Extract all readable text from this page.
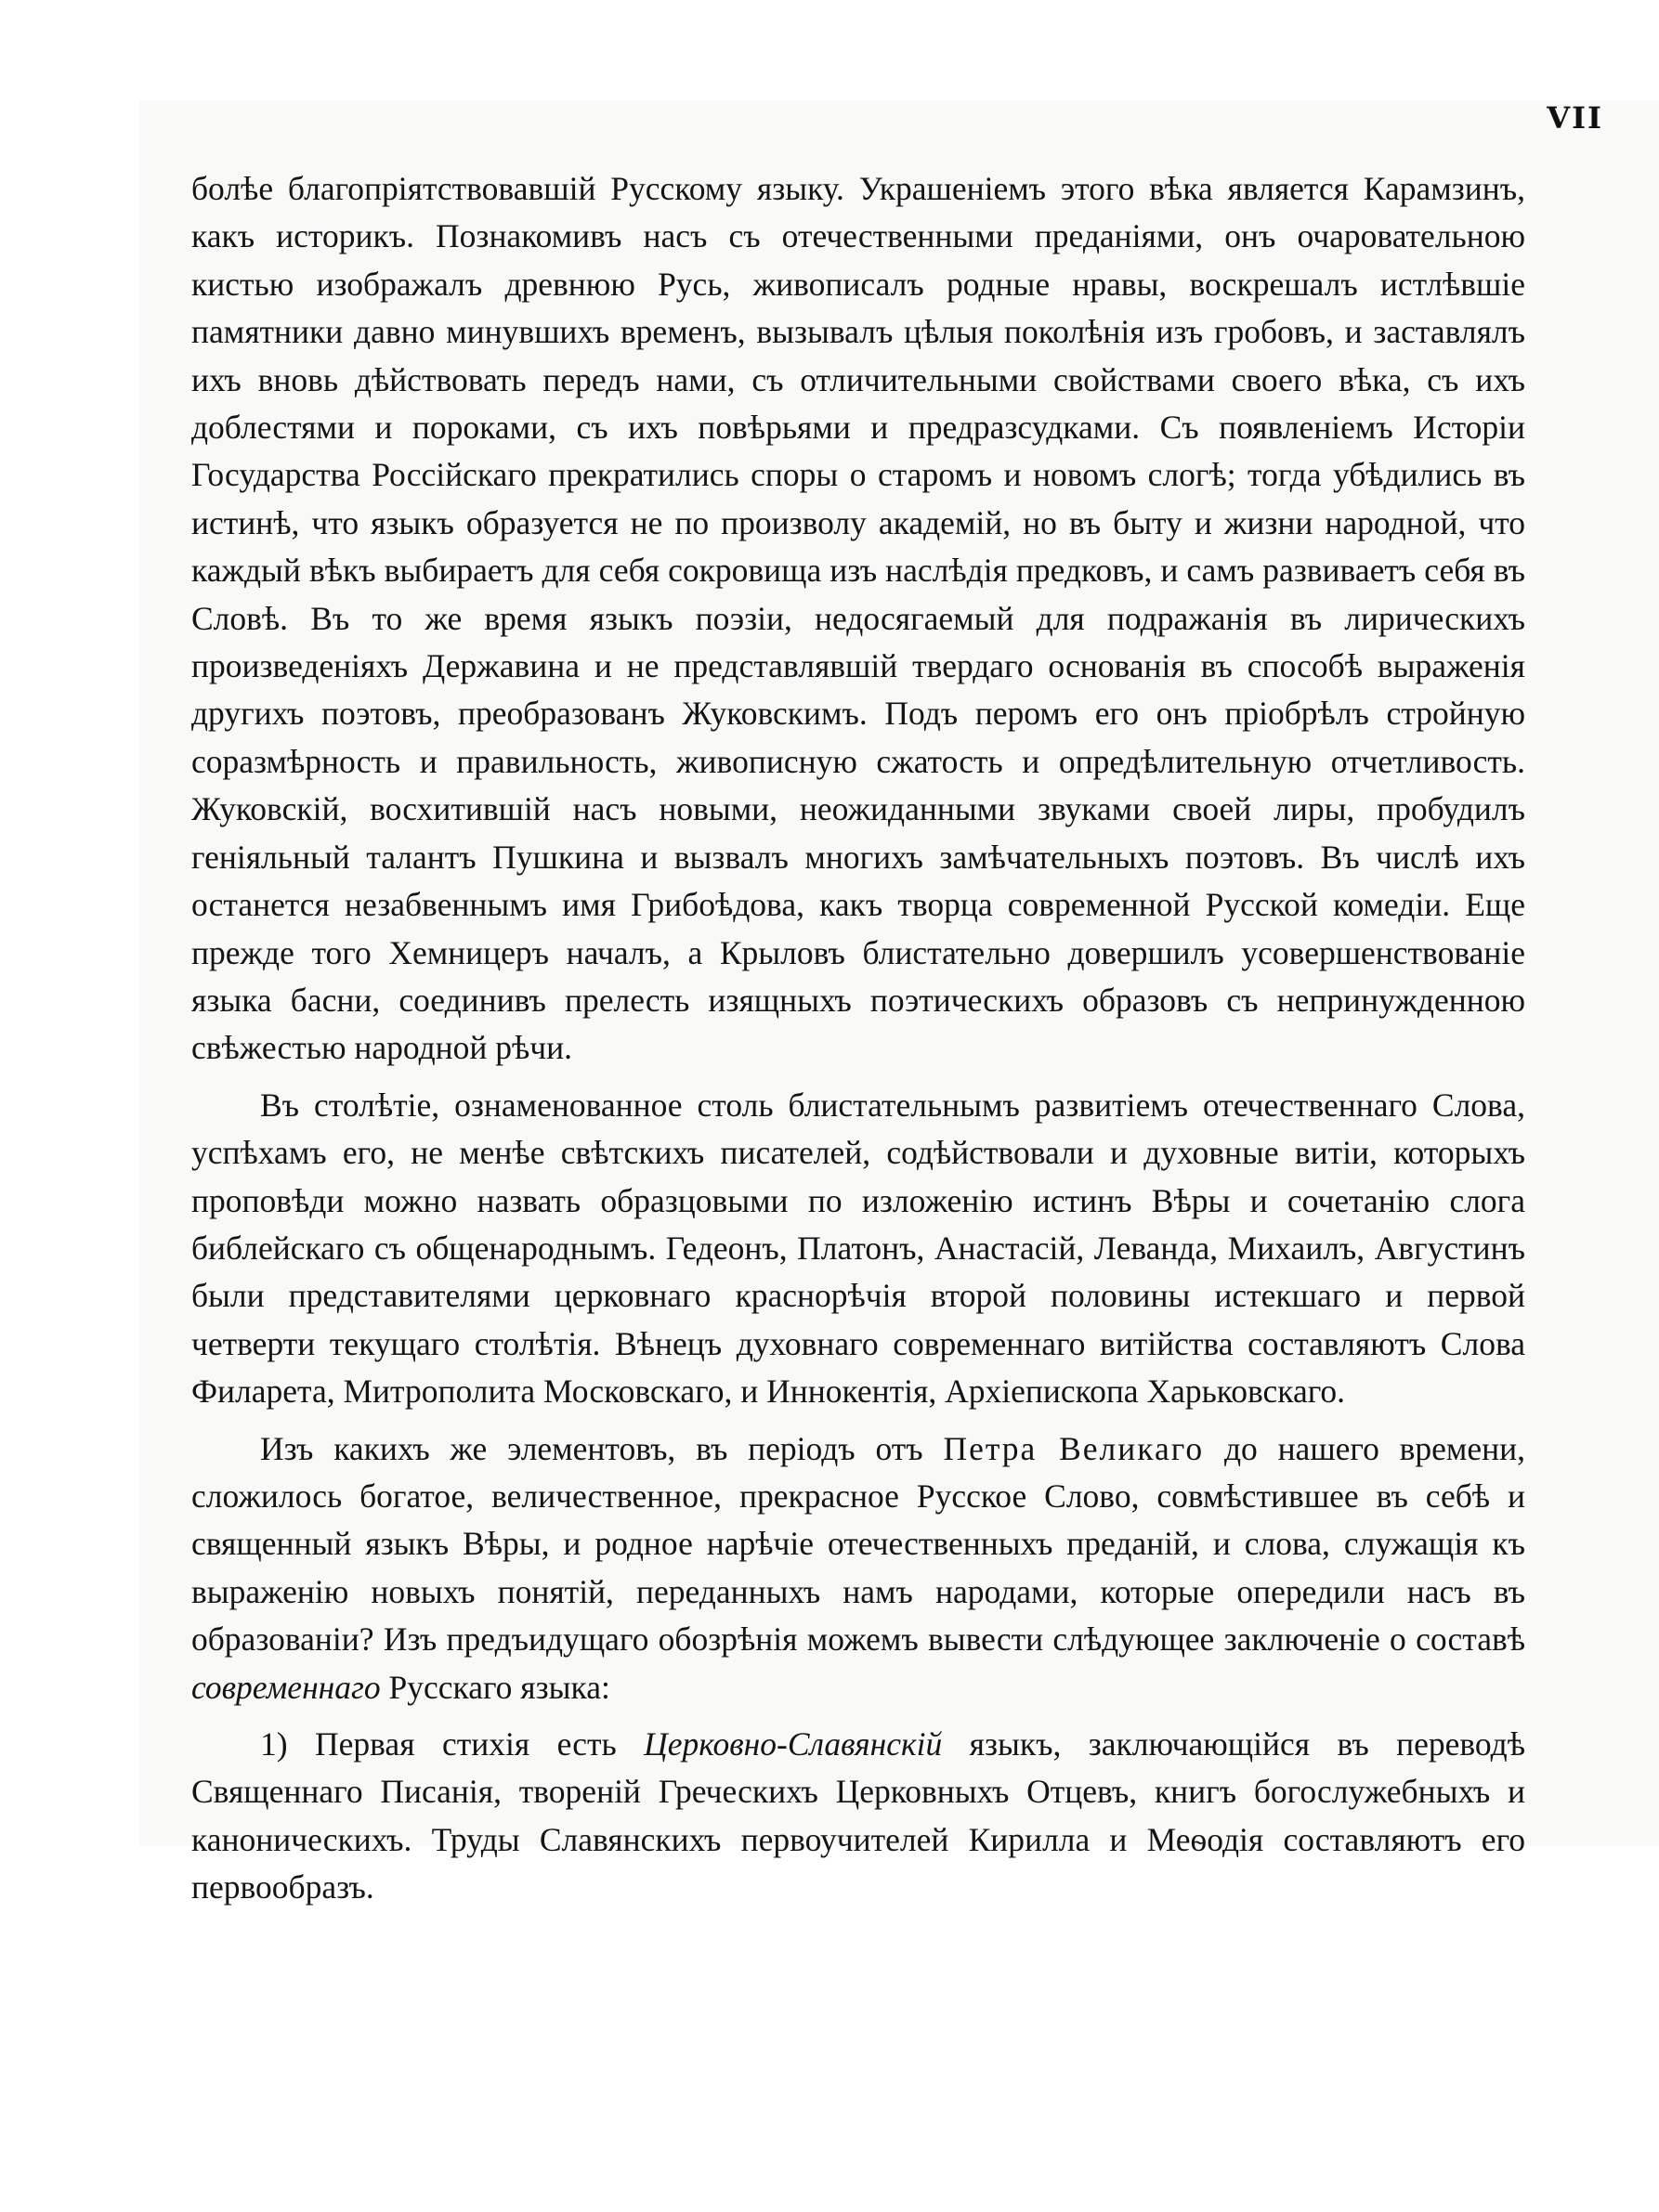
VII

болѣе благопріятствовавшій Русскому языку. Украшеніемъ этого вѣка является Карамзинъ, какъ историкъ. Познакомивъ насъ съ отечественными преданіями, онъ очаровательною кистью изображалъ древнюю Русь, живописалъ родные нравы, воскрешалъ истлѣвшіе памятники давно минувшихъ временъ, вызывалъ цѣлыя поколѣнія изъ гробовъ, и заставлялъ ихъ вновь дѣйствовать передъ нами, съ отличительными свойствами своего вѣка, съ ихъ доблестями и пороками, съ ихъ повѣрьями и предразсудками. Съ появленіемъ Исторіи Государства Россійскаго прекратились споры о старомъ и новомъ слогѣ; тогда убѣдились въ истинѣ, что языкъ образуется не по произволу академій, но въ быту и жизни народной, что каждый вѣкъ выбираетъ для себя сокровища изъ наслѣдія предковъ, и самъ развиваетъ себя въ Словѣ. Въ то же время языкъ поэзіи, недосягаемый для подражанія въ лирическихъ произведеніяхъ Державина и не представлявшій твердаго основанія въ способѣ выраженія другихъ поэтовъ, преобразованъ Жуковскимъ. Подъ перомъ его онъ пріобрѣлъ стройную соразмѣрность и правильность, живописную сжатость и опредѣлительную отчетливость. Жуковскій, восхитившій насъ новыми, неожиданными звуками своей лиры, пробудилъ геніяльный талантъ Пушкина и вызвалъ многихъ замѣчательныхъ поэтовъ. Въ числѣ ихъ останется незабвеннымъ имя Грибоѣдова, какъ творца современной Русской комедіи. Еще прежде того Хемницеръ началъ, а Крыловъ блистательно довершилъ усовершенствованіе языка басни, соединивъ прелесть изящныхъ поэтическихъ образовъ съ непринужденною свѣжестью народной рѣчи.

Въ столѣтіе, ознаменованное столь блистательнымъ развитіемъ отечественнаго Слова, успѣхамъ его, не менѣе свѣтскихъ писателей, содѣйствовали и духовные витіи, которыхъ проповѣди можно назвать образцовыми по изложенію истинъ Вѣры и сочетанію слога библейскаго съ общенароднымъ. Гедеонъ, Платонъ, Анастасій, Леванда, Михаилъ, Августинъ были представителями церковнаго краснорѣчія второй половины истекшаго и первой четверти текущаго столѣтія. Вѣнецъ духовнаго современнаго витійства составляютъ Слова Филарета, Митрополита Московскаго, и Иннокентія, Архіепископа Харьковскаго.

Изъ какихъ же элементовъ, въ періодъ отъ Петра Великаго до нашего времени, сложилось богатое, величественное, прекрасное Русское Слово, совмѣстившее въ себѣ и священный языкъ Вѣры, и родное нарѣчіе отечественныхъ преданій, и слова, служащія къ выраженію новыхъ понятій, переданныхъ намъ народами, которые опередили насъ въ образованіи? Изъ предъидущаго обозрѣнія можемъ вывести слѣдующее заключеніе о составѣ современнаго Русскаго языка:

1) Первая стихія есть Церковно-Славянскій языкъ, заключающійся въ переводѣ Священнаго Писанія, твореній Греческихъ Церковныхъ Отцевъ, книгъ богослужебныхъ и каноническихъ. Труды Славянскихъ первоучителей Кирилла и Меѳодія составляютъ его первообразъ.
